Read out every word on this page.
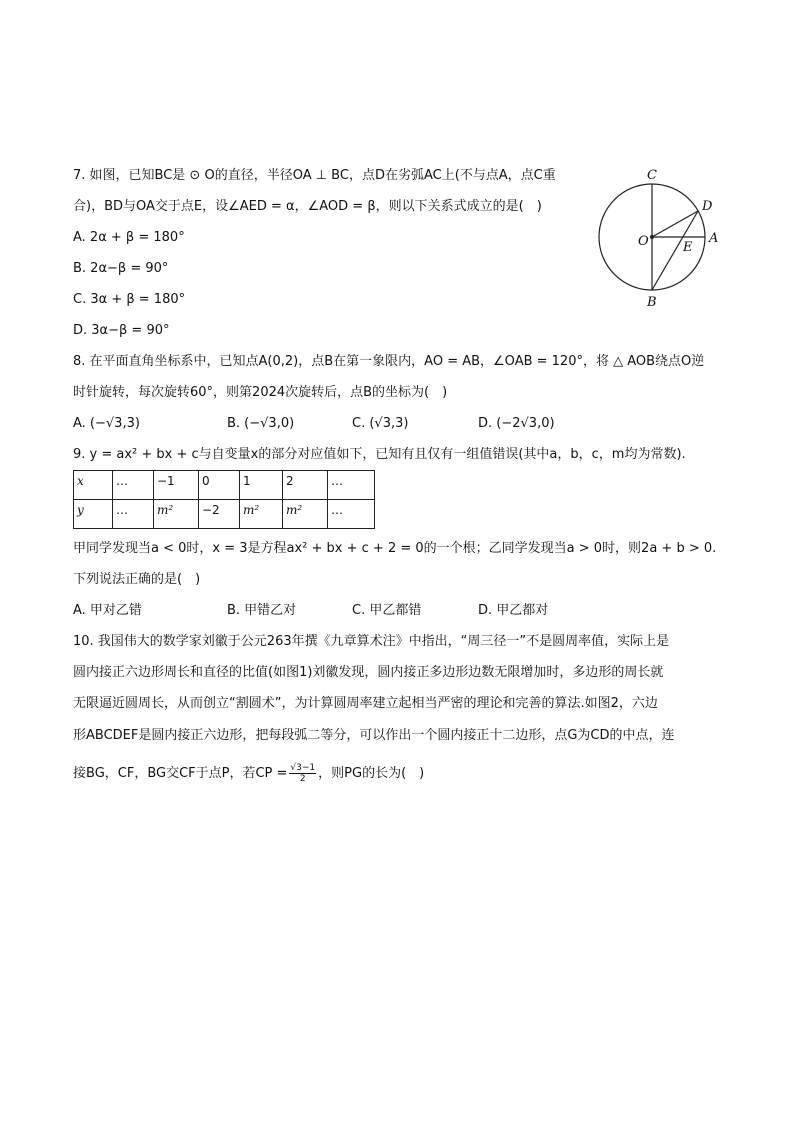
7. 如图，已知BC是 ⊙ O的直径，半径OA ⊥ BC，点D在劣弧AC上(不与点A，点C重
合)，BD与OA交于点E，设∠AED = α，∠AOD = β，则以下关系式成立的是(　)
A. 2α + β = 180°
B. 2α−β = 90°
C. 3α + β = 180°
D. 3α−β = 90°
C
D
O	E
A
B
8. 在平面直角坐标系中，已知点A(0,2)，点B在第一象限内，AO = AB，∠OAB = 120°，将 △ AOB绕点O逆
时针旋转，每次旋转60°，则第2024次旋转后，点B的坐标为(　)
A. (−√3,3)	B. (−√3,0)	C. (√3,3)	D. (−2√3,0)
9. y = ax² + bx + c与自变量x的部分对应值如下，已知有且仅有一组值错误(其中a，b，c，m均为常数).
x	…	−1	0	1	2	…
y	…	m²	−2	m²	m²	…
甲同学发现当a < 0时，x = 3是方程ax² + bx + c + 2 = 0的一个根；乙同学发现当a > 0时，则2a + b > 0.
下列说法正确的是(　)
A. 甲对乙错	B. 甲错乙对	C. 甲乙都错	D. 甲乙都对
10. 我国伟大的数学家刘徽于公元263年撰《九章算术注》中指出，“周三径一”不是圆周率值，实际上是
圆内接正六边形周长和直径的比值(如图1)刘徽发现，圆内接正多边形边数无限增加时，多边形的周长就
无限逼近圆周长，从而创立“割圆术”，为计算圆周率建立起相当严密的理论和完善的算法.如图2，六边
形ABCDEF是圆内接正六边形，把每段弧二等分，可以作出一个圆内接正十二边形，点G为CD的中点，连
接BG，CF，BG交CF于点P，若CP = $\frac{√3-1}{2}$ ，则PG的长为(　)
